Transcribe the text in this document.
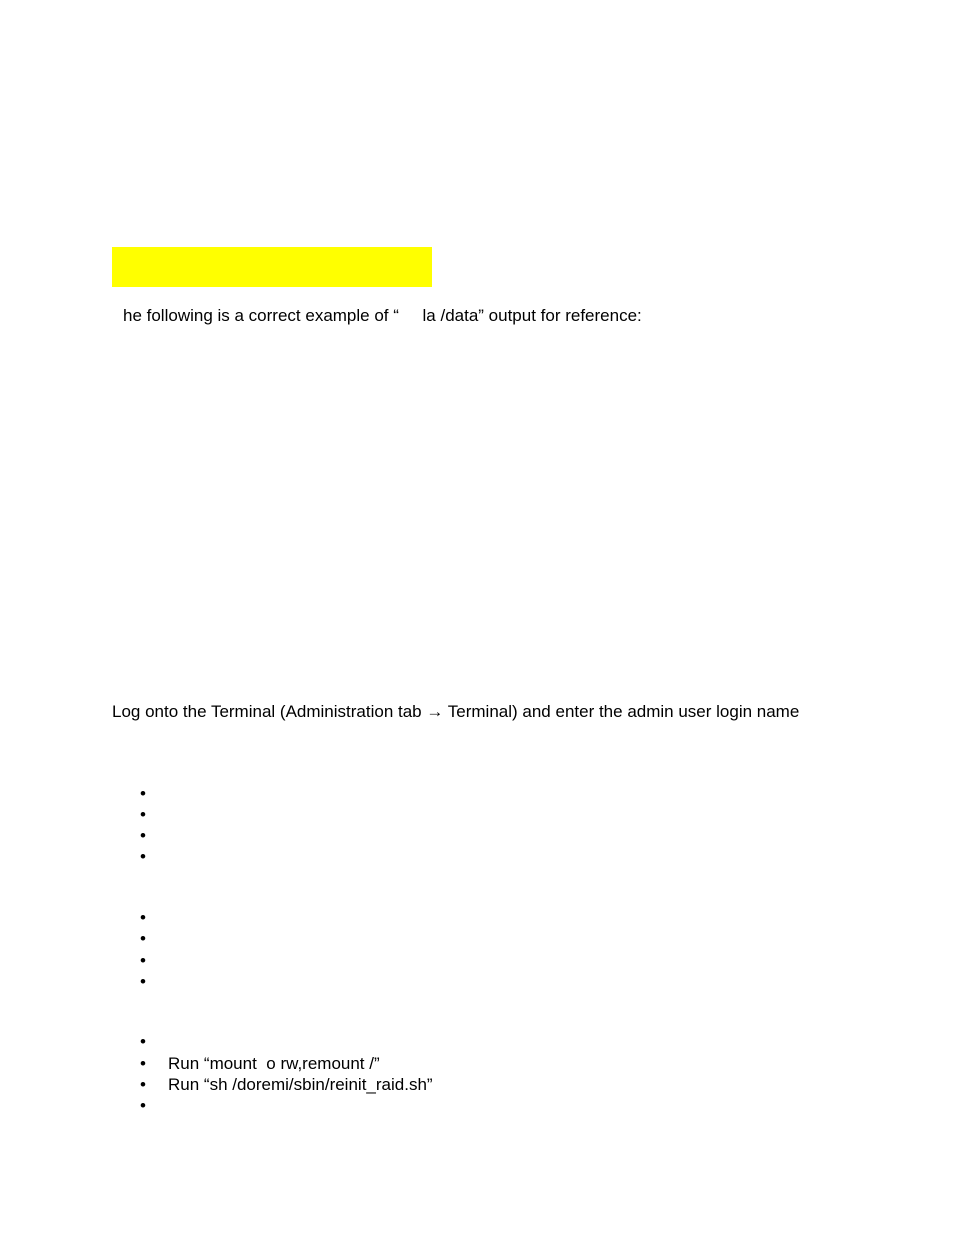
he following is a correct example of “     la /data” output for reference:
Log onto the Terminal (Administration tab → Terminal) and enter the admin user login name
•
•
•
•
•
•
•
•
•
• Run “mount  o rw,remount /”
• Run “sh /doremi/sbin/reinit_raid.sh”
•
